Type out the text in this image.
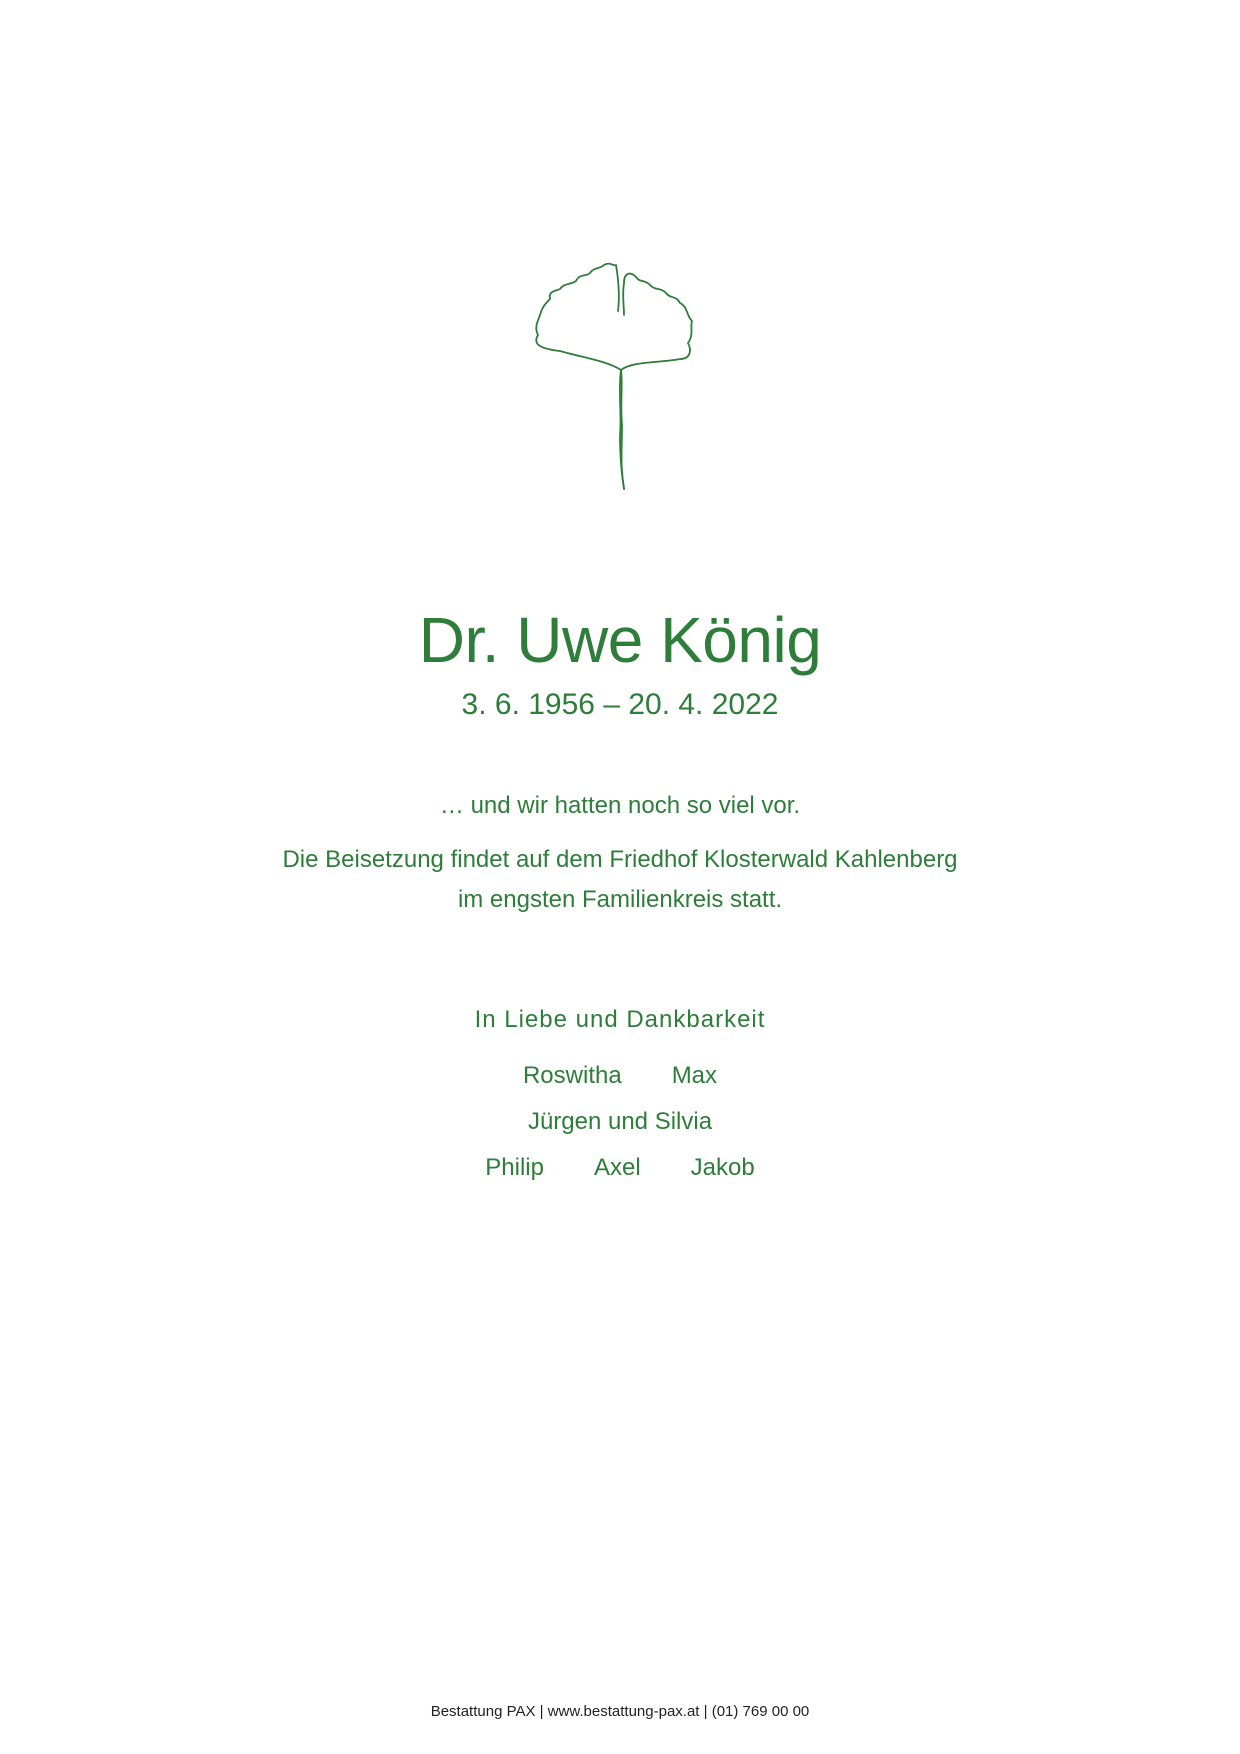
Dr. Uwe König
3. 6. 1956 – 20. 4. 2022
… und wir hatten noch so viel vor.
Die Beisetzung findet auf dem Friedhof Klosterwald Kahlenberg
im engsten Familienkreis statt.
In Liebe und Dankbarkeit
Roswitha Max
Jürgen und Silvia
Philip Axel Jakob
Bestattung PAX | www.bestattung-pax.at | (01) 769 00 00
